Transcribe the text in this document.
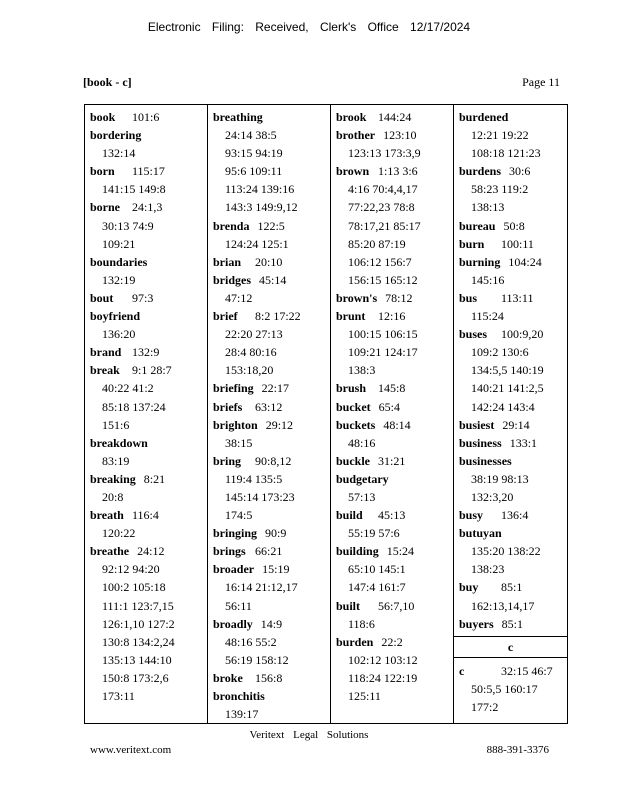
Electronic Filing: Received, Clerk's Office 12/17/2024
[book - c]	Page 11
book 101:6
bordering
132:14
born 115:17
141:15 149:8
borne 24:1,3
30:13 74:9
109:21
boundaries
132:19
bout 97:3
boyfriend
136:20
brand 132:9
break 9:1 28:7
40:22 41:2
85:18 137:24
151:6
breakdown
83:19
breaking 8:21
20:8
breath 116:4
120:22
breathe 24:12
92:12 94:20
100:2 105:18
111:1 123:7,15
126:1,10 127:2
130:8 134:2,24
135:13 144:10
150:8 173:2,6
173:11
breathing
24:14 38:5
93:15 94:19
95:6 109:11
113:24 139:16
143:3 149:9,12
brenda 122:5
124:24 125:1
brian 20:10
bridges 45:14
47:12
brief 8:2 17:22
22:20 27:13
28:4 80:16
153:18,20
briefing 22:17
briefs 63:12
brighton 29:12
38:15
bring 90:8,12
119:4 135:5
145:14 173:23
174:5
bringing 90:9
brings 66:21
broader 15:19
16:14 21:12,17
56:11
broadly 14:9
48:16 55:2
56:19 158:12
broke 156:8
bronchitis
139:17
brook 144:24
brother 123:10
123:13 173:3,9
brown 1:13 3:6
4:16 70:4,4,17
77:22,23 78:8
78:17,21 85:17
85:20 87:19
106:12 156:7
156:15 165:12
brown's 78:12
brunt 12:16
100:15 106:15
109:21 124:17
138:3
brush 145:8
bucket 65:4
buckets 48:14
48:16
buckle 31:21
budgetary
57:13
build 45:13
55:19 57:6
building 15:24
65:10 145:1
147:4 161:7
built 56:7,10
118:6
burden 22:2
102:12 103:12
118:24 122:19
125:11
burdened
12:21 19:22
108:18 121:23
burdens 30:6
58:23 119:2
138:13
bureau 50:8
burn 100:11
burning 104:24
145:16
bus 113:11
115:24
buses 100:9,20
109:2 130:6
134:5,5 140:19
140:21 141:2,5
142:24 143:4
busiest 29:14
business 133:1
businesses
38:19 98:13
132:3,20
busy 136:4
butuyan
135:20 138:22
138:23
buy 85:1
162:13,14,17
buyers 85:1
c
c	32:15 46:7
50:5,5 160:17
177:2
Veritext Legal Solutions
www.veritext.com	888-391-3376
